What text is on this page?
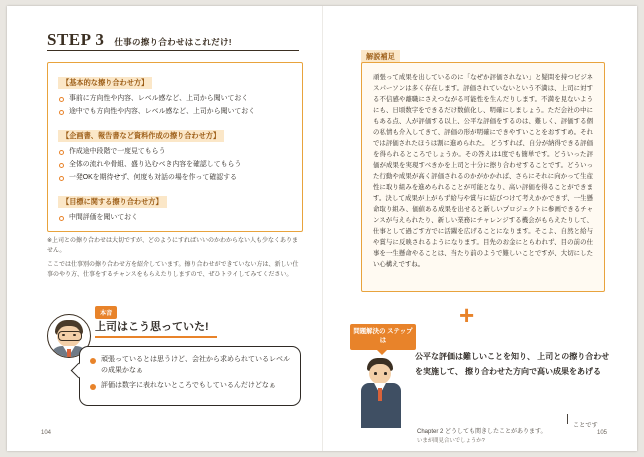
STEP 3 仕事の擦り合わせはこれだけ!
【基本的な擦り合わせ方】
事前に方向性や内容、レベル感など、上司から聞いておく
途中でも方向性や内容、レベル感など、上司から聞いておく
【企画書、報告書など資料作成の擦り合わせ方】
作成途中段階で一度見てもらう
全体の流れや骨組、盛り込むべき内容を確認してもらう
一発OKを期待せず、何度も対話の場を作って確認する
【目標に関する擦り合わせ方】
中間評価を聞いておく

※上司との擦り合わせは大切ですが、どのようにすればいいのかわからない人も少なくありません。

ここでは仕事別の擦り合わせ方を紹介しています。擦り合わせができていない方は、新しい仕事のやり方、仕事をするチャンスをもらえたりしますので、ぜひトライしてみてください。

本音
上司はこう思っていた!
頑張っているとは思うけど、会社から求められているレベルの成果かなぁ
評価は数字に表れないところでもしているんだけどなぁ
104
解説補足

頑張って成果を出しているのに「なぜか評価されない」と疑問を持つビジネスパーソンは多く存在します。評価されていないという不満は、上司に対する不信感や離職にさえつながる可能性を生んだりします。不満を見ないようにも、日頃数字をできるだけ数値化し、明確にしましょう。ただ会社の中にもある点、人が評価する以上、公平な評価をするのは、難しく、評価する個の私情も介入してきて、評価の形が明確にできやすいことをおすすめ。それでは評価されたほうは割に進められた。 どうすれば、自分が納得できる評価を得られるところでしょうか。その答えは1度でも簡単です。どういった評価が成果を実現すべきかを上司と十分に擦り合わせすることです。どういった行動や成果が高く評価されるのかがかかれば、さらにそれに向かって生産性に取り組みを進められることが可能となり、高い評価を得ることができます。決して成果が上がらず給与や賞与に結びつけて考えかかできず、一生懸命取り組み、価値ある成果を出せると新しいプロジェクトに参画できるチャンスが与えられたり、新しい業務にチャレンジする機会がもらえたりして、仕事として過ごす方でに活躍を広げることになります。そこよ、自然と給与や賞与に反映されるようになります。目先のお金にとらわれず、目の前の仕事を一生懸命やることは、当たり前のようで難しいことですが、大切にしたい心構えですね。

+
問題解決の ステップは
公平な評価は難しいことを知り、 上司との擦り合わせを実施して、 擦り合わせた方向で高い成果をあげる
ことです
Chapter 2 どうしても関きしたことがあります。
いまが間見合いでしょうか?
105
